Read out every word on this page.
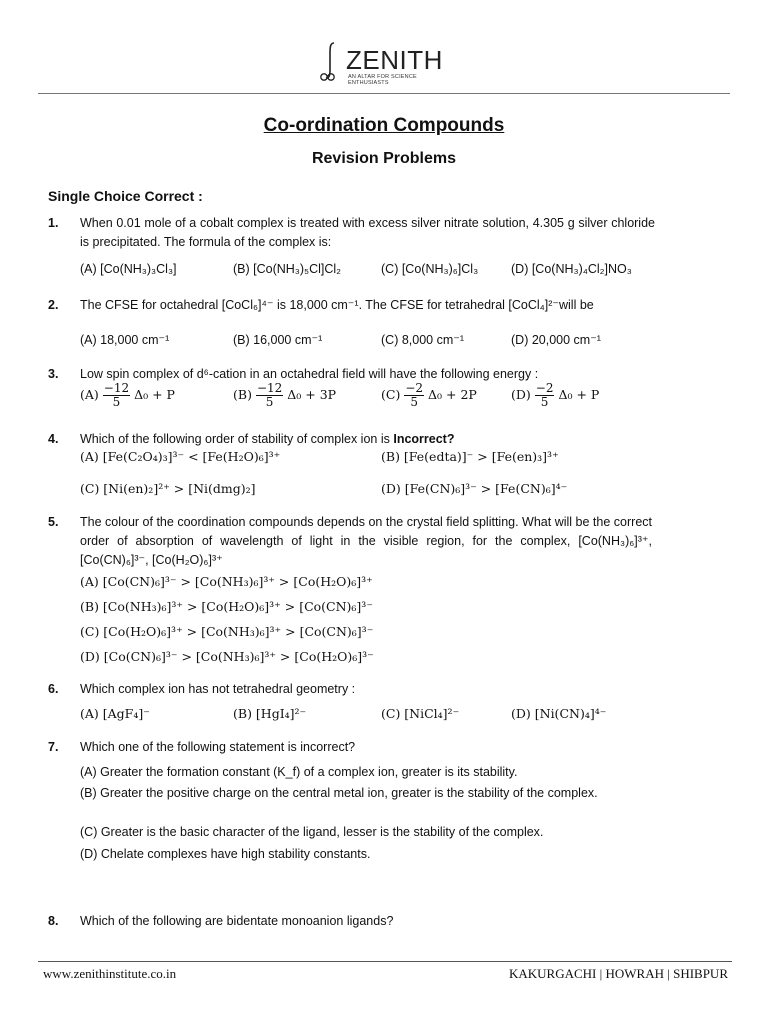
ZENITH
AN ALTAR FOR SCIENCE ENTHUSIASTS
Co-ordination Compounds
Revision Problems
Single Choice Correct :
1. When 0.01 mole of a cobalt complex is treated with excess silver nitrate solution, 4.305 g silver chloride is precipitated. The formula of the complex is:
(A) [Co(NH₃)₃Cl₃]	(B) [Co(NH₃)₅Cl]Cl₂	(C) [Co(NH₃)₆]Cl₃	(D) [Co(NH₃)₄Cl₂]NO₃
2. The CFSE for octahedral [CoCl₆]⁴⁻ is 18,000 cm⁻¹. The CFSE for tetrahedral [CoCl₄]²⁻will be
(A) 18,000 cm⁻¹	(B) 16,000 cm⁻¹	(C) 8,000 cm⁻¹	(D) 20,000 cm⁻¹
3. Low spin complex of d⁶-cation in an octahedral field will have the following energy :
$(A) \frac{-12}{5} \Delta_0 + P$	$(B) \frac{-12}{5} \Delta_0 + 3P$	$(C) \frac{-2}{5} \Delta_0 + 2P$	$(D) \frac{-2}{5} \Delta_0 + P$
4. Which of the following order of stability of complex ion is Incorrect?
(A) [Fe(C₂O₄)₃]³⁻ < [Fe(H₂O)₆]³⁺	(B) [Fe(edta)]⁻ > [Fe(en)₃]³⁺
(C) [Ni(en)₂]²⁺ > [Ni(dmg)₂]	(D) [Fe(CN)₆]³⁻ > [Fe(CN)₆]⁴⁻
5. The colour of the coordination compounds depends on the crystal field splitting. What will be the correct order of absorption of wavelength of light in the visible region, for the complex, [Co(NH₃)₆]³⁺, [Co(CN)₆]³⁻, [Co(H₂O)₆]³⁺
(A) [Co(CN)₆]³⁻ > [Co(NH₃)₆]³⁺ > [Co(H₂O)₆]³⁺
(B) [Co(NH₃)₆]³⁺ > [Co(H₂O)₆]³⁺ > [Co(CN)₆]³⁻
(C) [Co(H₂O)₆]³⁺ > [Co(NH₃)₆]³⁺ > [Co(CN)₆]³⁻
(D) [Co(CN)₆]³⁻ > [Co(NH₃)₆]³⁺ > [Co(H₂O)₆]³⁻
6. Which complex ion has not tetrahedral geometry :
(A) [AgF₄]⁻	(B) [HgI₄]²⁻	(C) [NiCl₄]²⁻	(D) [Ni(CN)₄]⁴⁻
7. Which one of the following statement is incorrect?
(A) Greater the formation constant (K_f) of a complex ion, greater is its stability.
(B) Greater the positive charge on the central metal ion, greater is the stability of the complex.
(C) Greater is the basic character of the ligand, lesser is the stability of the complex.
(D) Chelate complexes have high stability constants.
8. Which of the following are bidentate monoanion ligands?
www.zenithinstitute.co.in	KAKURGACHI | HOWRAH | SHIBPUR
